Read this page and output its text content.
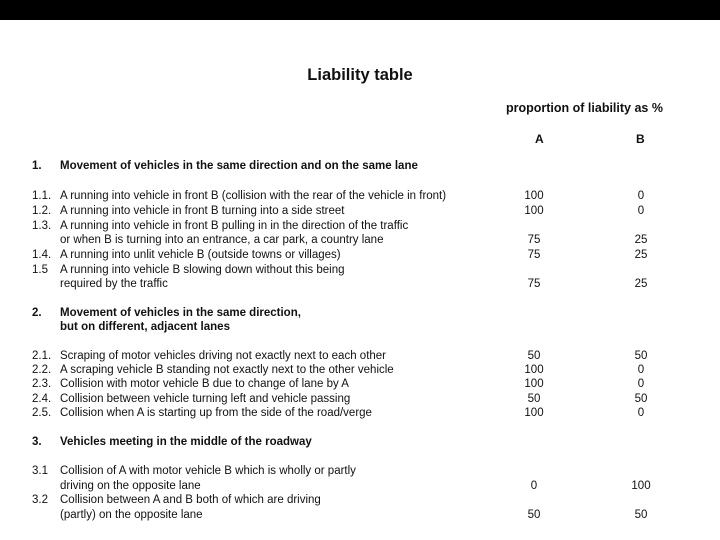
Liability table
proportion of liability as %
A	B
1. Movement of vehicles in the same direction and on the same lane
1.1. A running into vehicle in front B (collision with the rear of the vehicle in front)	100	0
1.2. A running into vehicle in front B turning into a side street	100	0
1.3. A running into vehicle in front B pulling in in the direction of the traffic
or when B is turning into an entrance, a car park, a country lane	75	25
1.4. A running into unlit vehicle B (outside towns or villages)	75	25
1.5 A running into vehicle B slowing down without this being
required by the traffic	75	25
2. Movement of vehicles in the same direction,
but on different, adjacent lanes
2.1. Scraping of motor vehicles driving not exactly next to each other	50	50
2.2. A scraping vehicle B standing not exactly next to the other vehicle	100	0
2.3. Collision with motor vehicle B due to change of lane by A	100	0
2.4. Collision between vehicle turning left and vehicle passing	50	50
2.5. Collision when A is starting up from the side of the road/verge	100	0
3. Vehicles meeting in the middle of the roadway
3.1 Collision of A with motor vehicle B which is wholly or partly
driving on the opposite lane	0	100
3.2 Collision between A and B both of which are driving
(partly) on the opposite lane	50	50
